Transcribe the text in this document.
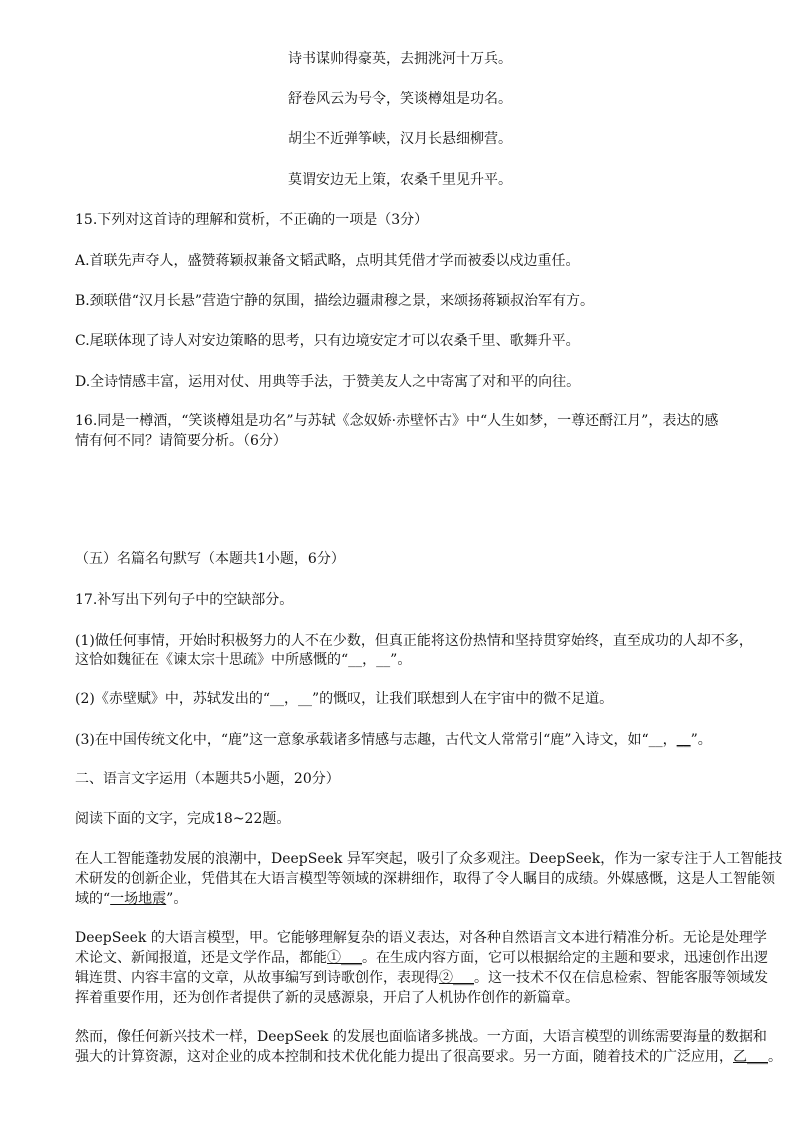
诗书谋帅得豪英，去拥洮河十万兵。
舒卷风云为号令，笑谈樽俎是功名。
胡尘不近弹筝峡，汉月长悬细柳营。
莫谓安边无上策，农桑千里见升平。
15.下列对这首诗的理解和赏析，不正确的一项是（3分）
A.首联先声夺人，盛赞蒋颖叔兼备文韬武略，点明其凭借才学而被委以戍边重任。
B.颈联借“汉月长悬”营造宁静的氛围，描绘边疆肃穆之景，来颂扬蒋颖叔治军有方。
C.尾联体现了诗人对安边策略的思考，只有边境安定才可以农桑千里、歌舞升平。
D.全诗情感丰富，运用对仗、用典等手法，于赞美友人之中寄寓了对和平的向往。
16.同是一樽酒，“笑谈樽俎是功名”与苏轼《念奴娇·赤壁怀古》中“人生如梦，一尊还酹江月”，表达的感
情有何不同？请简要分析。（6分）
（五）名篇名句默写（本题共1小题，6分）
17.补写出下列句子中的空缺部分。
(1)做任何事情，开始时积极努力的人不在少数，但真正能将这份热情和坚持贯穿始终，直至成功的人却不多，
这恰如魏征在《谏太宗十思疏》中所感慨的“__，__”。
(2)《赤壁赋》中，苏轼发出的“__，__”的慨叹，让我们联想到人在宇宙中的微不足道。
(3)在中国传统文化中，“鹿”这一意象承载诸多情感与志趣，古代文人常常引“鹿”入诗文，如“__，__”。
二、语言文字运用（本题共5小题，20分）
阅读下面的文字，完成18~22题。
在人工智能蓬勃发展的浪潮中，DeepSeek 异军突起，吸引了众多观注。DeepSeek，作为一家专注于人工智能技
术研发的创新企业，凭借其在大语言模型等领域的深耕细作，取得了令人瞩目的成绩。外媒感慨，这是人工智能领
域的“一场地震”。
DeepSeek 的大语言模型，甲。它能够理解复杂的语义表达，对各种自然语言文本进行精准分析。无论是处理学
术论文、新闻报道，还是文学作品，都能①___。在生成内容方面，它可以根据给定的主题和要求，迅速创作出逻
辑连贯、内容丰富的文章，从故事编写到诗歌创作，表现得②___。这一技术不仅在信息检索、智能客服等领域发
挥着重要作用，还为创作者提供了新的灵感源泉，开启了人机协作创作的新篇章。
然而，像任何新兴技术一样，DeepSeek 的发展也面临诸多挑战。一方面，大语言模型的训练需要海量的数据和
强大的计算资源，这对企业的成本控制和技术优化能力提出了很高要求。另一方面，随着技术的广泛应用，乙___。
